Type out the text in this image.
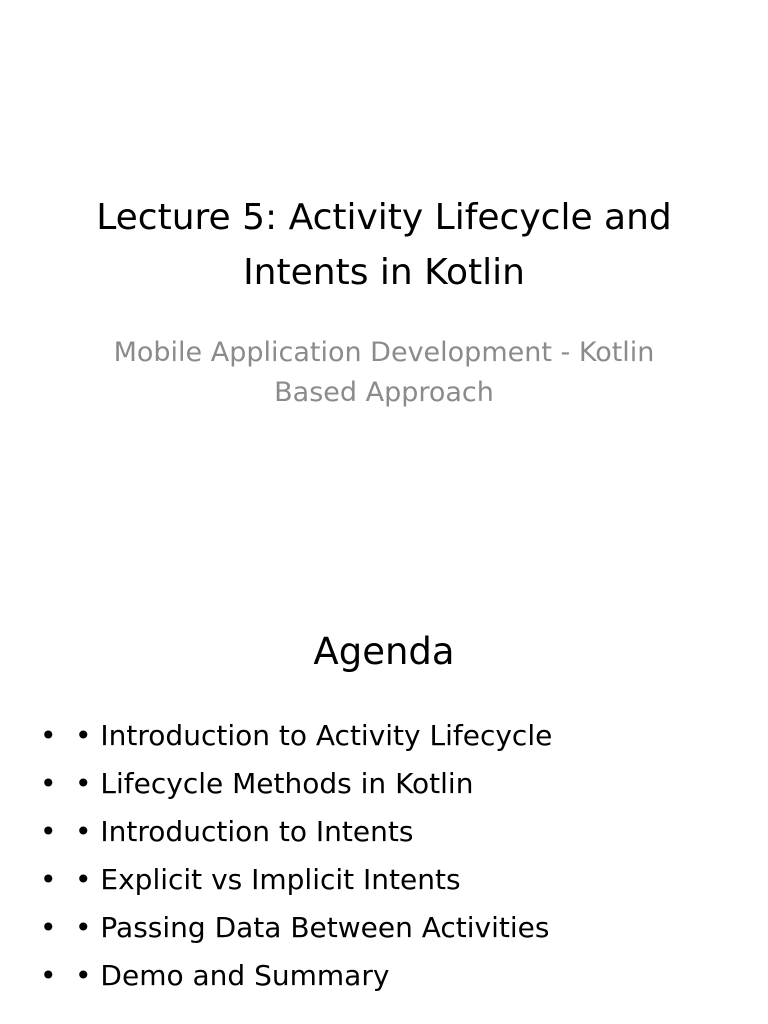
Lecture 5: Activity Lifecycle and Intents in Kotlin

Mobile Application Development - Kotlin Based Approach

Agenda
• • Introduction to Activity Lifecycle
• • Lifecycle Methods in Kotlin
• • Introduction to Intents
• • Explicit vs Implicit Intents
• • Passing Data Between Activities
• • Demo and Summary
